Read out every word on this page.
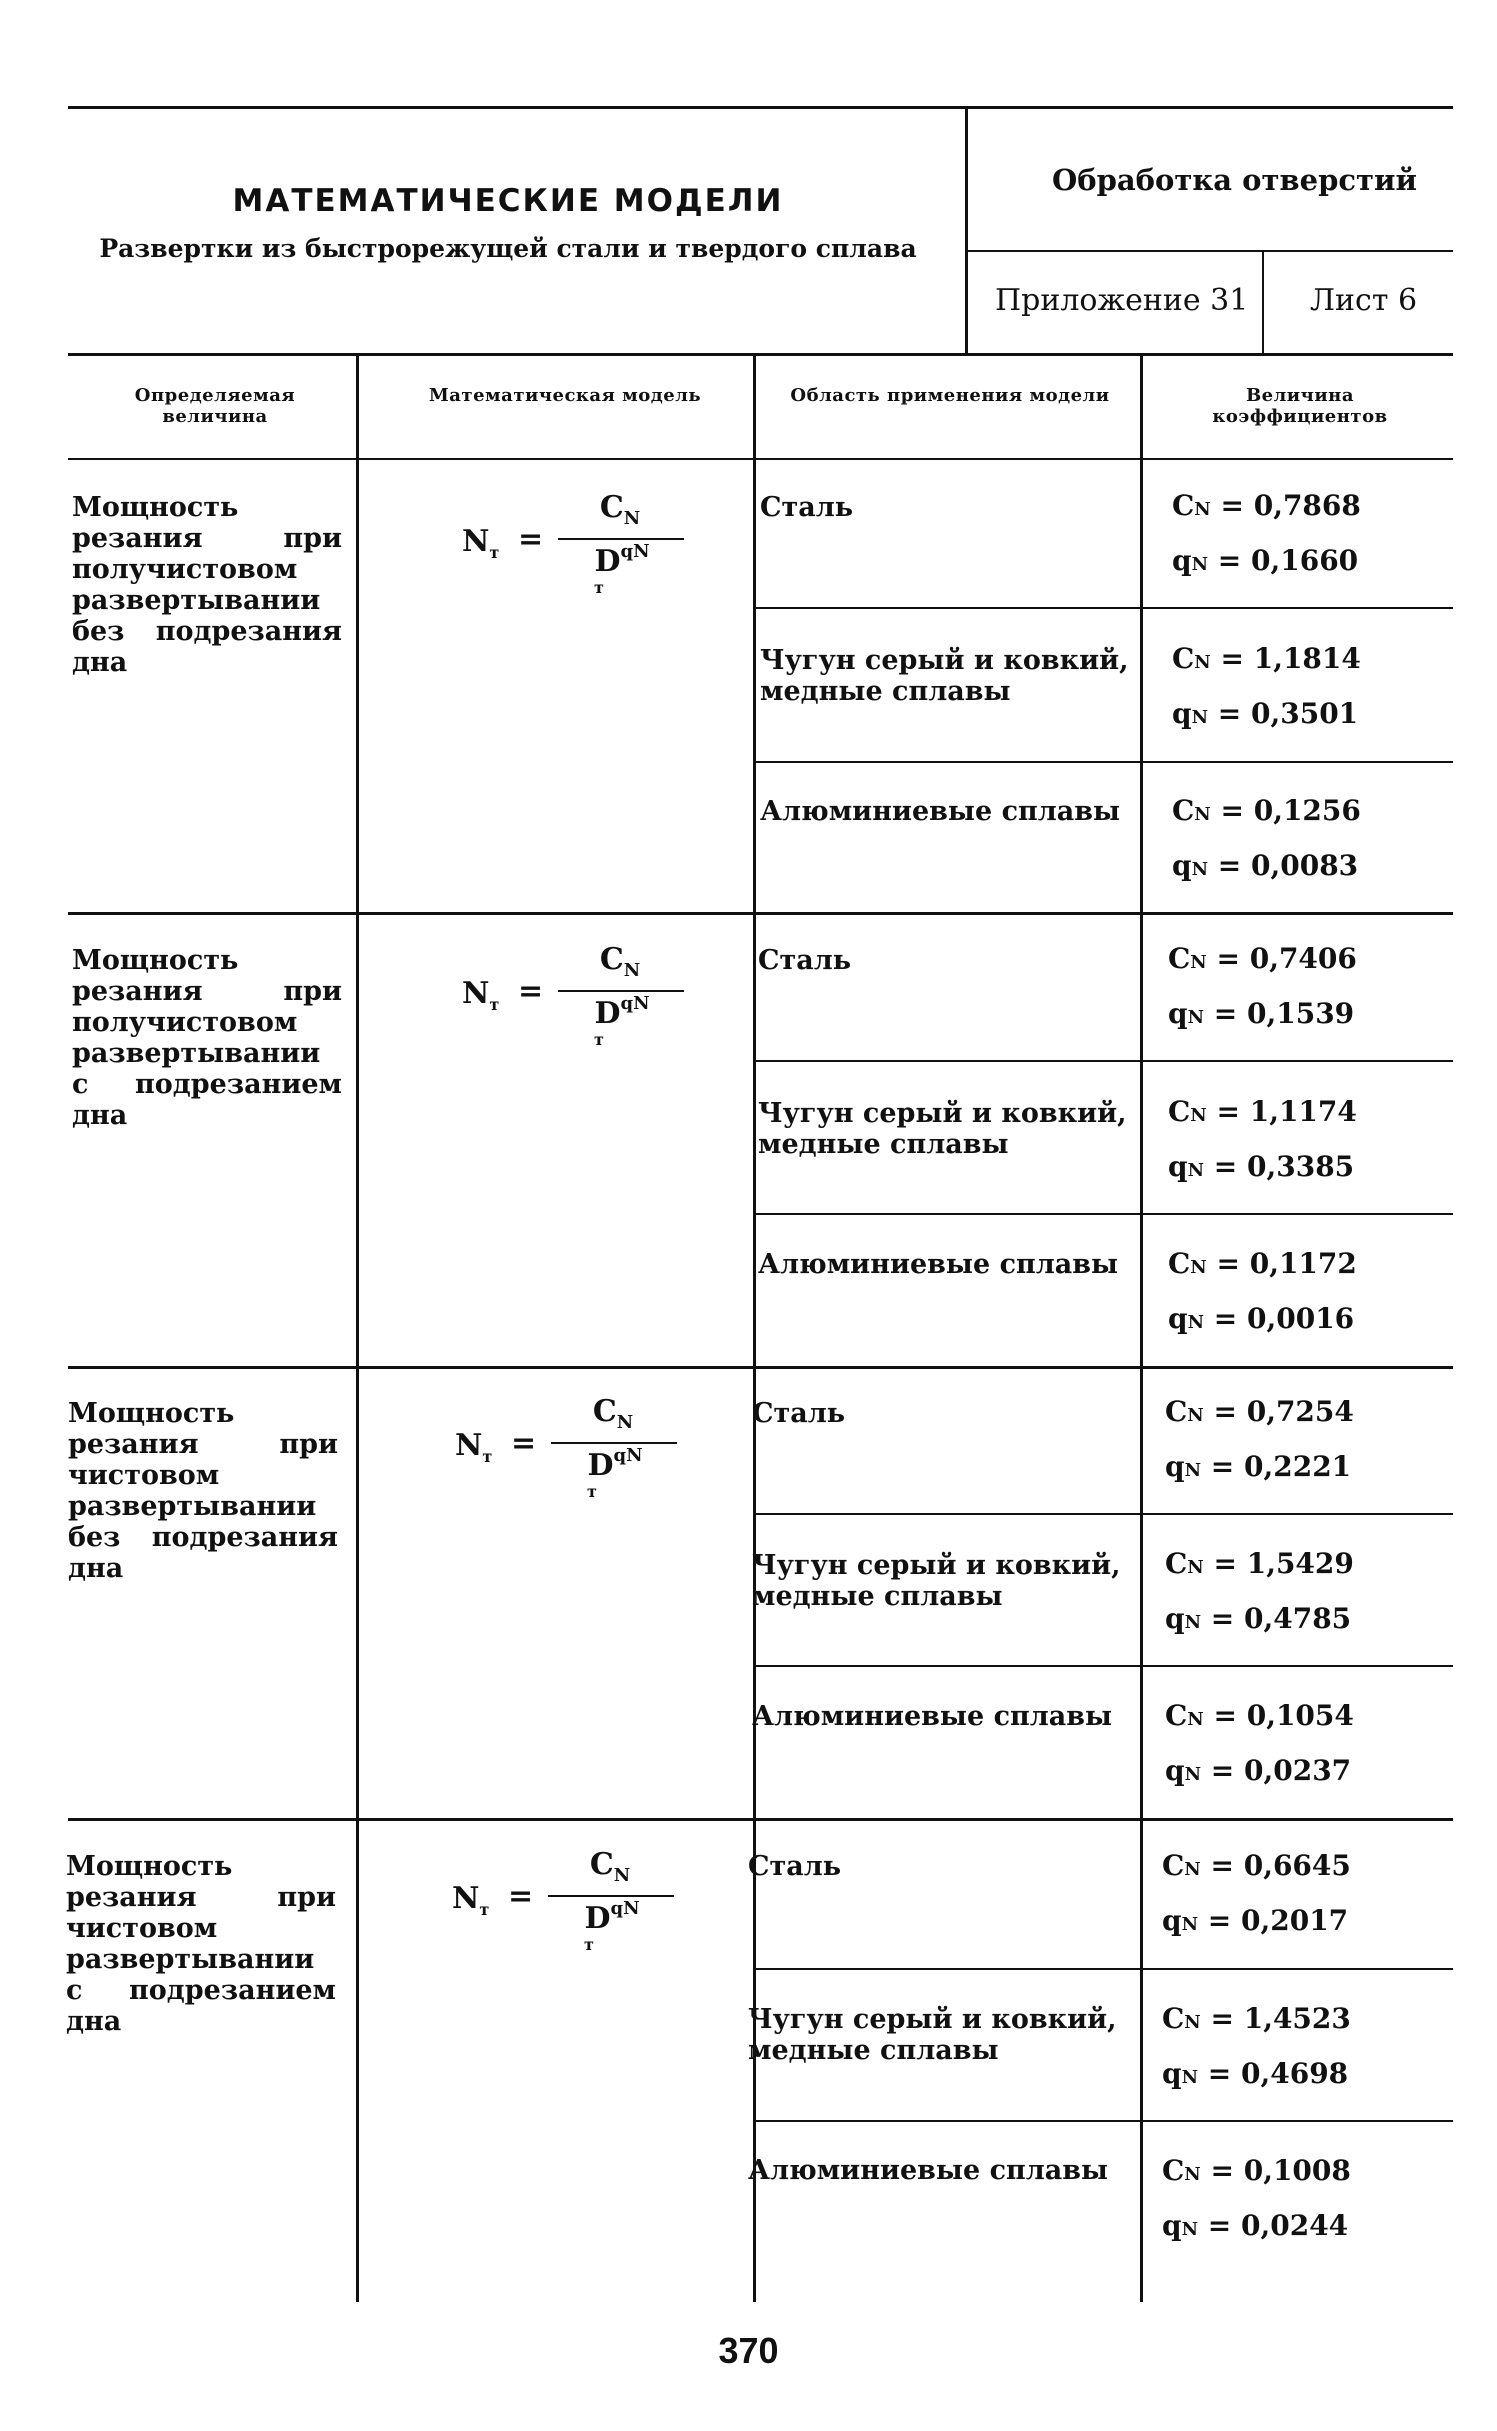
МАТЕМАТИЧЕСКИЕ МОДЕЛИ
Развертки из быстрорежущей стали и твердого сплава
Обработка отверстий
Приложение 31 Лист 6
Определяемая величина
Математическая модель	Область применения модели	Величина коэффициентов
Мощность резания при получистовом развертывании без подрезания дна
$N_т$ =
$C_N$
$D^{qN}$
т
Сталь
Чугун серый и ковкий, медные сплавы
Алюминиевые сплавы
CN = 0,7868
qN = 0,1660
CN = 1,1814
qN = 0,3501
CN = 0,1256
qN = 0,0083
Мощность резания при получистовом развертывании с подрезанием дна
$N_т$ =
$C_N$
$D^{qN}$
т
Сталь
Чугун серый и ковкий, медные сплавы
Алюминиевые сплавы
CN = 0,7406
qN = 0,1539
CN = 1,1174
qN = 0,3385
CN = 0,1172
qN = 0,0016
Мощность резания при чистовом развертывании без подрезания дна
$N_т$ =
$C_N$
$D^{qN}$
т
Сталь
Чугун серый и ковкий, медные сплавы
Алюминиевые сплавы
CN = 0,7254
qN = 0,2221
CN = 1,5429
qN = 0,4785
CN = 0,1054
qN = 0,0237
Мощность резания при чистовом развертывании с подрезанием дна
$N_т$ =
$C_N$
$D^{qN}$
т
Сталь
Чугун серый и ковкий, медные сплавы
Алюминиевые сплавы
CN = 0,6645
qN = 0,2017
CN = 1,4523
qN = 0,4698
CN = 0,1008
qN = 0,0244
370
